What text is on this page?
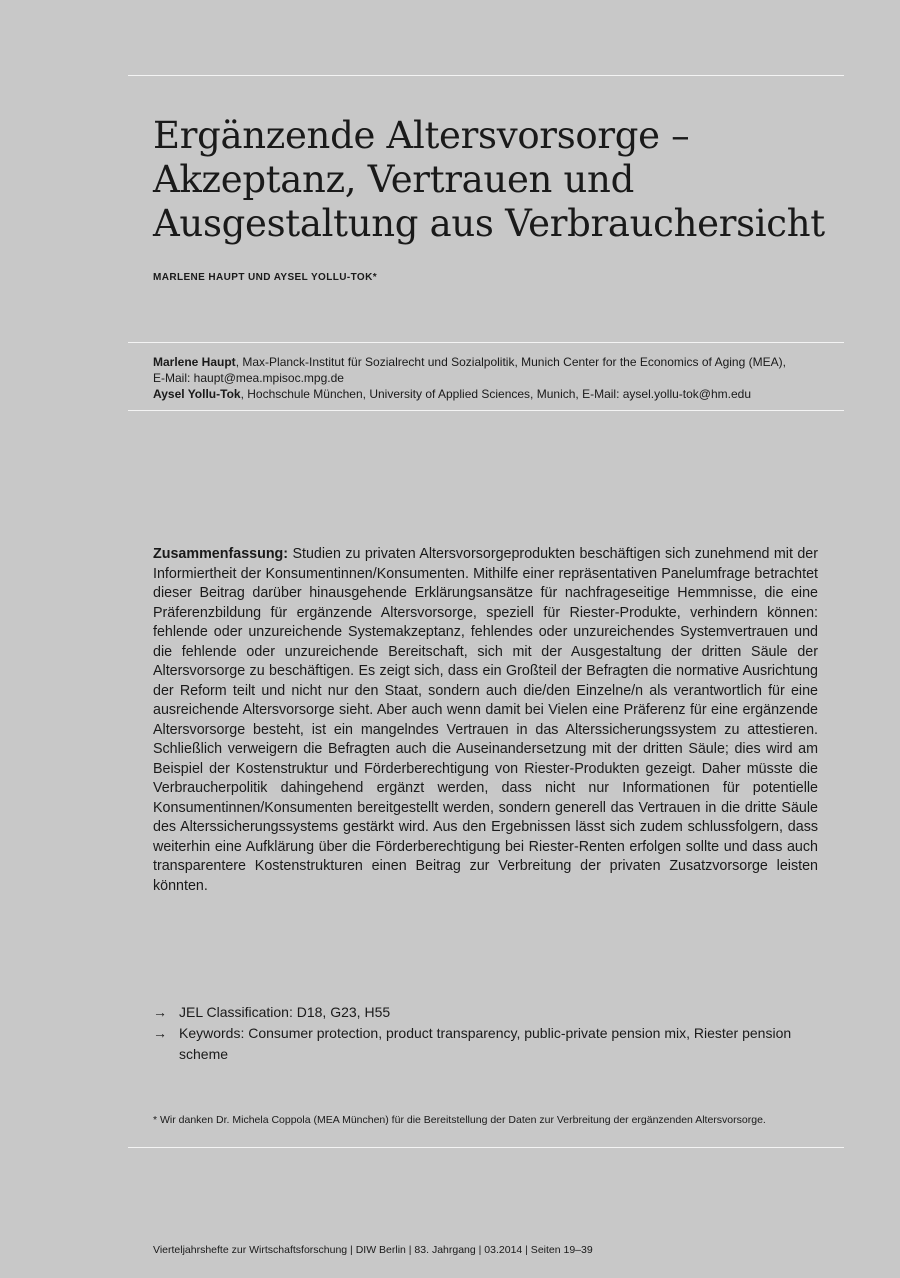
Ergänzende Altersvorsorge –
Akzeptanz, Vertrauen und
Ausgestaltung aus Verbrauchersicht

MARLENE HAUPT UND AYSEL YOLLU-TOK*

Marlene Haupt, Max-Planck-Institut für Sozialrecht und Sozialpolitik, Munich Center for the Economics of Aging (MEA),
E-Mail: haupt@mea.mpisoc.mpg.de
Aysel Yollu-Tok, Hochschule München, University of Applied Sciences, Munich, E-Mail: aysel.yollu-tok@hm.edu

Zusammenfassung: Studien zu privaten Altersvorsorgeprodukten beschäftigen sich zunehmend mit der Informiertheit der Konsumentinnen/Konsumenten. Mithilfe einer repräsentativen Panelumfrage betrachtet dieser Beitrag darüber hinausgehende Erklärungsansätze für nachfrageseitige Hemmnisse, die eine Präferenzbildung für ergänzende Altersvorsorge, speziell für Riester-Produkte, verhindern können: fehlende oder unzureichende Systemakzeptanz, fehlendes oder unzureichendes Systemvertrauen und die fehlende oder unzureichende Bereitschaft, sich mit der Ausgestaltung der dritten Säule der Altersvorsorge zu beschäftigen. Es zeigt sich, dass ein Großteil der Befragten die normative Ausrichtung der Reform teilt und nicht nur den Staat, sondern auch die/den Einzelne/n als verantwortlich für eine ausreichende Altersvorsorge sieht. Aber auch wenn damit bei Vielen eine Präferenz für eine ergänzende Altersvorsorge besteht, ist ein mangelndes Vertrauen in das Alterssicherungssystem zu attestieren. Schließlich verweigern die Befragten auch die Auseinandersetzung mit der dritten Säule; dies wird am Beispiel der Kostenstruktur und Förderberechtigung von Riester-Produkten gezeigt. Daher müsste die Verbraucherpolitik dahingehend ergänzt werden, dass nicht nur Informationen für potentielle Konsumentinnen/Konsumenten bereitgestellt werden, sondern generell das Vertrauen in die dritte Säule des Alterssicherungssystems gestärkt wird. Aus den Ergebnissen lässt sich zudem schlussfolgern, dass weiterhin eine Aufklärung über die Förderberechtigung bei Riester-Renten erfolgen sollte und dass auch transparentere Kostenstrukturen einen Beitrag zur Verbreitung der privaten Zusatzvorsorge leisten könnten.

→ JEL Classification: D18, G23, H55
→ Keywords: Consumer protection, product transparency, public-private pension mix, Riester pension scheme
* Wir danken Dr. Michela Coppola (MEA München) für die Bereitstellung der Daten zur Verbreitung der ergänzenden Altersvorsorge.
Vierteljahrshefte zur Wirtschaftsforschung | DIW Berlin | 83. Jahrgang | 03.2014 | Seiten 19–39
